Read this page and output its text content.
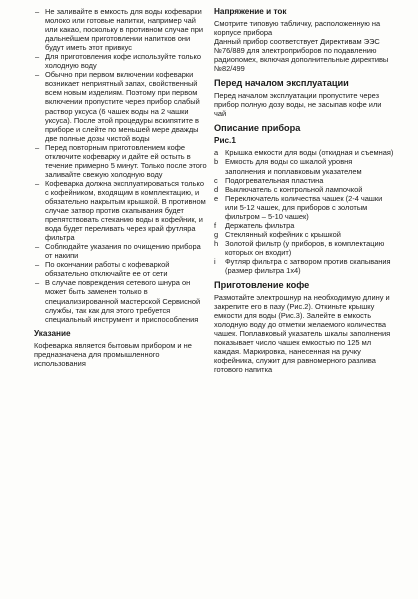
– Не заливайте в емкость для воды кофеварки молоко или готовые напитки, например чай или какао, поскольку в противном случае при дальнейшем приготовлении напитков они будут иметь этот привкус
– Для приготовления кофе используйте только холодную воду
– Обычно при первом включении кофеварки возникает неприятный запах, свойственный всем новым изделиям. Поэтому при первом включении пропустите через прибор слабый раствор уксуса (6 чашек воды на 2 чашки уксуса). После этой процедуры вскипятите в приборе и слейте по меньшей мере дважды две полные дозы чистой воды
– Перед повторным приготовлением кофе отключите кофеварку и дайте ей остыть в течение примерно 5 минут. Только после этого заливайте свежую холодную воду
– Кофеварка должна эксплуатироваться только с кофейником, входящим в комплектацию, и обязательно накрытым крышкой. В противном случае затвор против скапывания будет препятствовать стеканию воды в кофейник, и вода будет переливать через край футляра фильтра
– Соблюдайте указания по очищению прибора от накипи
– По окончании работы с кофеваркой обязательно отключайте ее от сети
– В случае повреждения сетевого шнура он может быть заменен только в специализированной мастерской Сервисной службы, так как для этого требуется специальный инструмент и приспособления
Указание

Кофеварка является бытовым прибором и не предназначена для промышленного использования

Напряжение и ток

Смотрите типовую табличку, расположенную на корпусе прибора

Данный прибор соответствует Директивам ЭЭС №76/889 для электроприборов по подавлению радиопомех, включая дополнительные директивы №82/499

Перед началом эксплуатации

Перед началом эксплуатации пропустите через прибор полную дозу воды, не засыпав кофе или чай

Описание прибора
Рис.1
a Крышка емкости для воды (откидная и съемная)
b Емкость для воды со шкалой уровня заполнения и поплавковым указателем
c Подогревательная пластина
d Выключатель с контрольной лампочкой
e Переключатель количества чашек (2-4 чашки или 5-12 чашек, для приборов с золотым фильтром – 5-10 чашек)
f	Держатель фильтра
g Стеклянный кофейник с крышкой
h Золотой фильтр (у приборов, в комплектацию которых он входит)
i	Футляр фильтра с затвором против скапывания (размер фильтра 1x4)
Приготовление кофе

Размотайте электрошнур на необходимую длину и закрепите его в пазу (Рис.2). Откиньте крышку емкости для воды (Рис.3). Залейте в емкость холодную воду до отметки желаемого количества чашек. Поплавковый указатель шкалы заполнения показывает число чашек емкостью по 125 мл каждая. Маркировка, нанесенная на ручку кофейника, служит для равномерного разлива готового напитка
